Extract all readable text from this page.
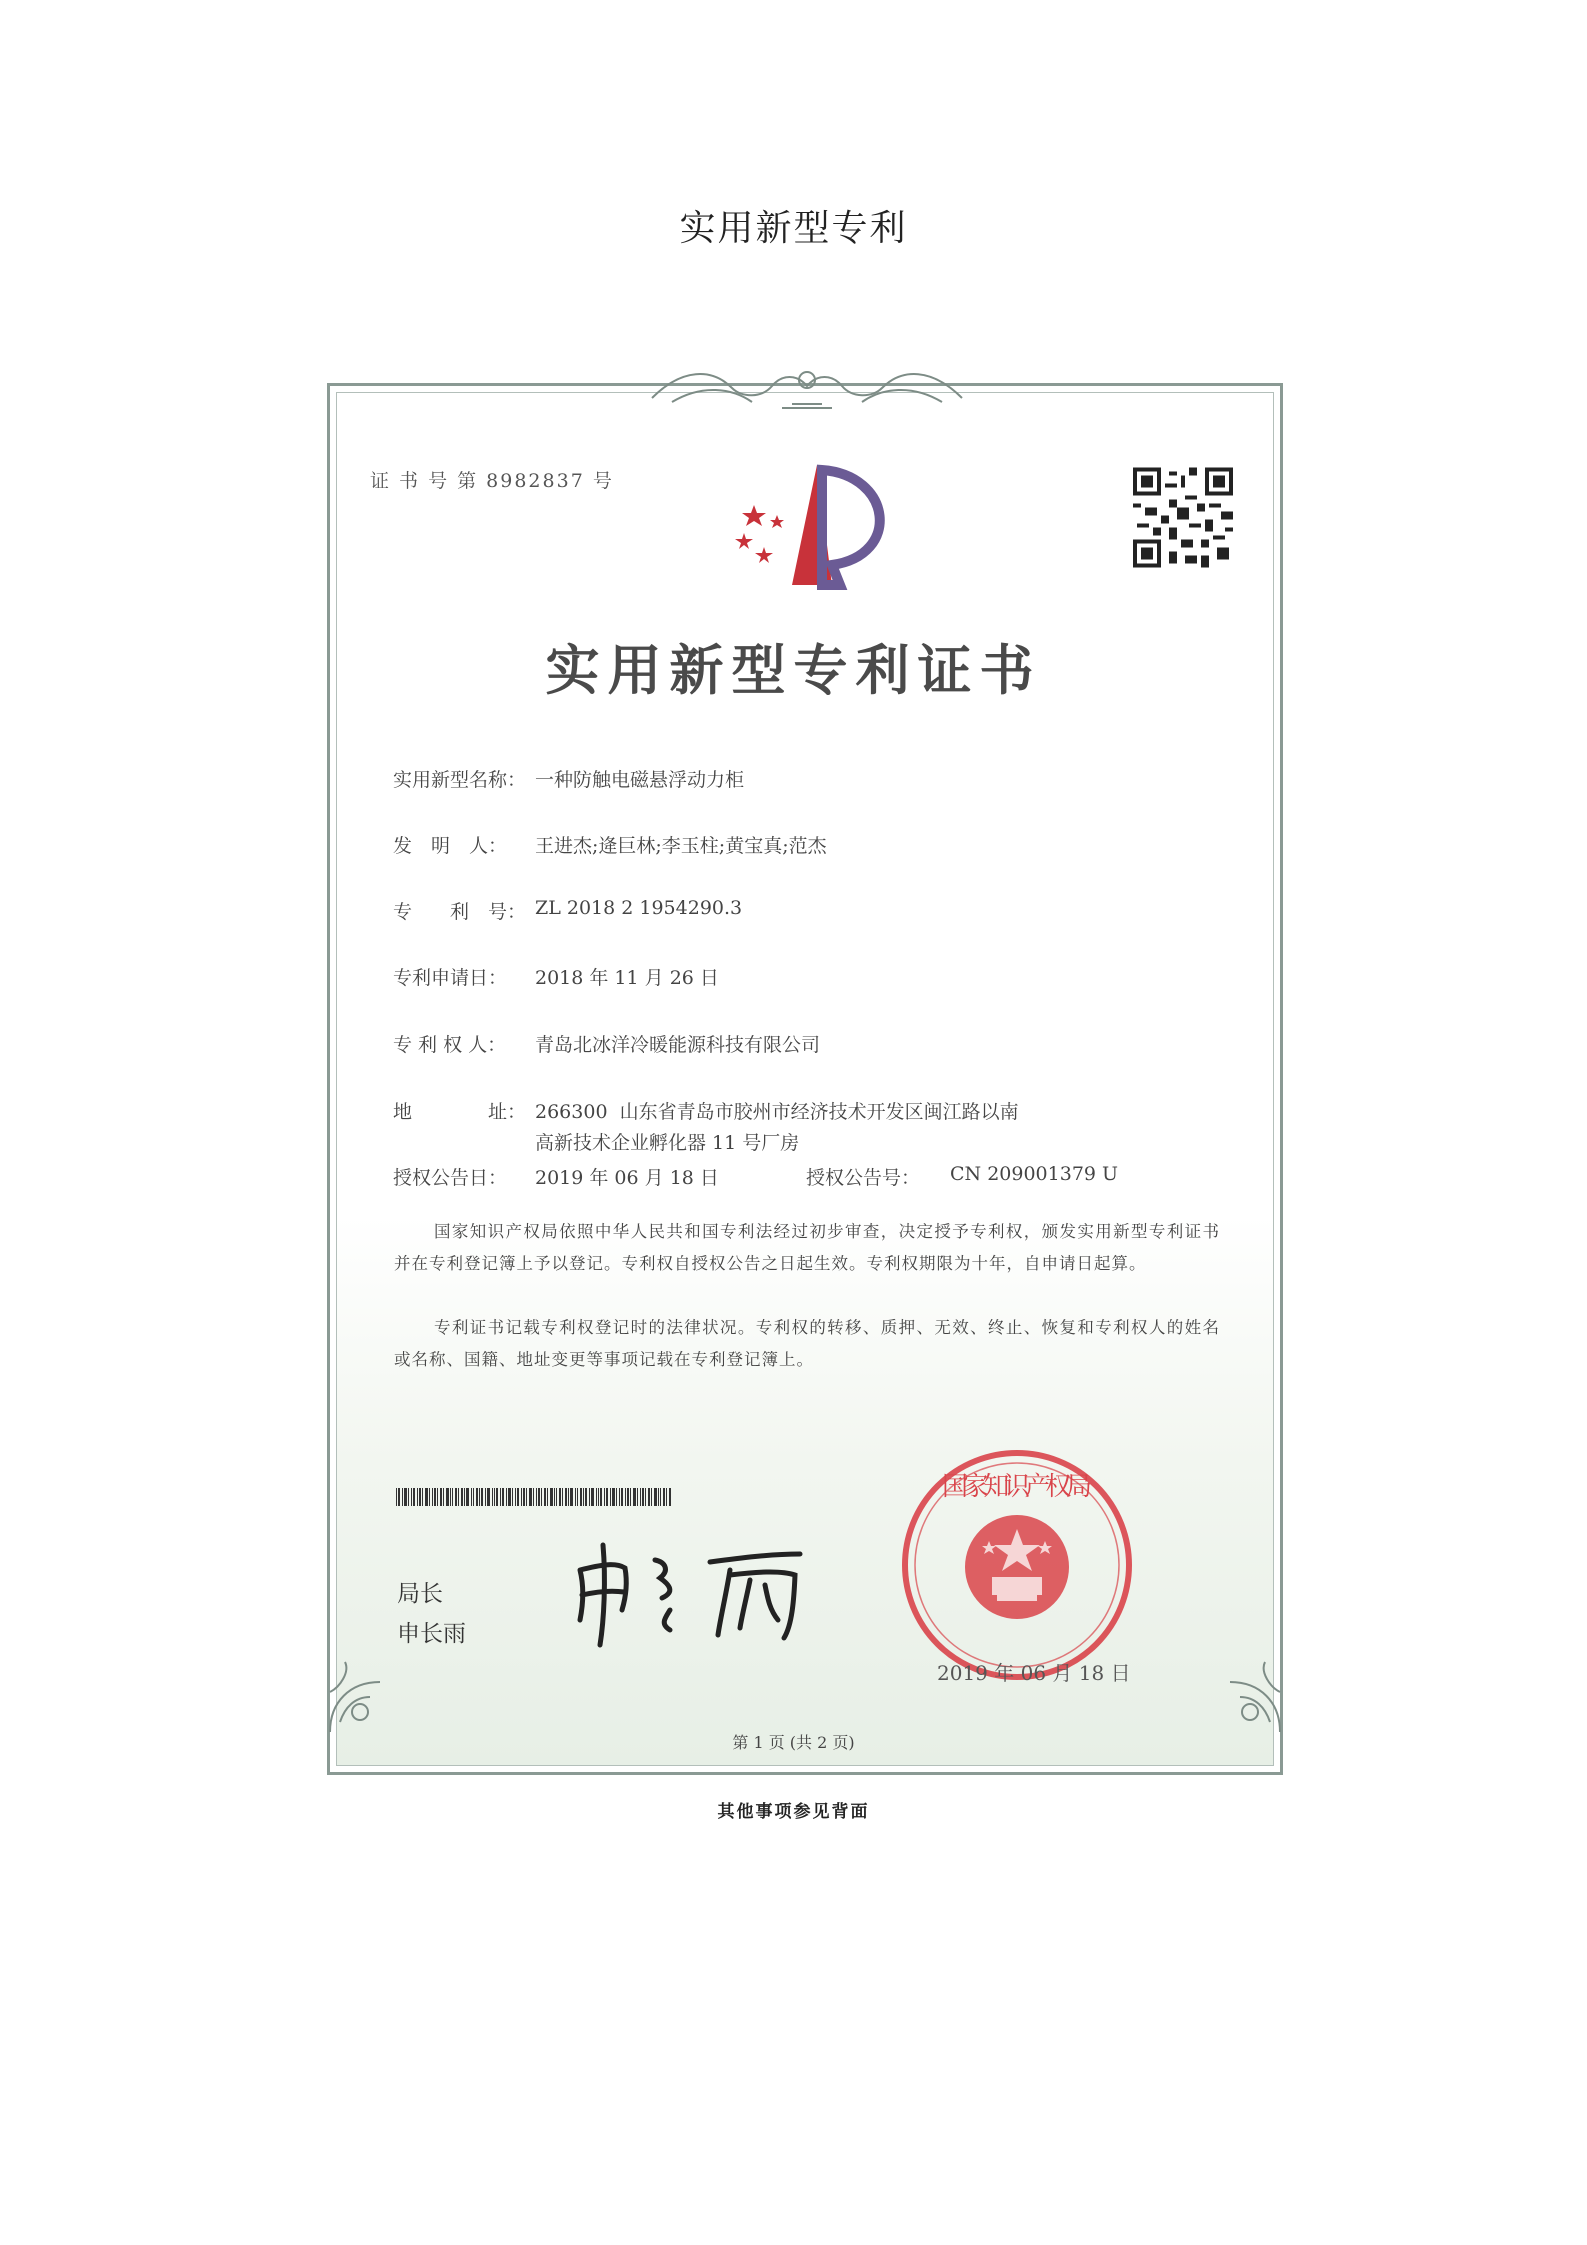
实用新型专利
证 书 号 第 8982837 号
实用新型专利证书
实用新型名称： 一种防触电磁悬浮动力柜
发　明　人： 王进杰;逄巨林;李玉柱;黄宝真;范杰
专　　利　号： ZL 2018 2 1954290.3
专利申请日： 2018 年 11 月 26 日
专 利 权 人： 青岛北冰洋冷暖能源科技有限公司
地　　　　址： 266300  山东省青岛市胶州市经济技术开发区闽江路以南
高新技术企业孵化器 11 号厂房
授权公告日： 2019 年 06 月 18 日	授权公告号： CN 209001379 U
国家知识产权局依照中华人民共和国专利法经过初步审查，决定授予专利权，颁发实用新型专利证书并在专利登记簿上予以登记。专利权自授权公告之日起生效。专利权期限为十年，自申请日起算。
专利证书记载专利权登记时的法律状况。专利权的转移、质押、无效、终止、恢复和专利权人的姓名或名称、国籍、地址变更等事项记载在专利登记簿上。
局长
申长雨
国家知识产权局
2019 年 06 月 18 日
第 1 页 (共 2 页)
其他事项参见背面
